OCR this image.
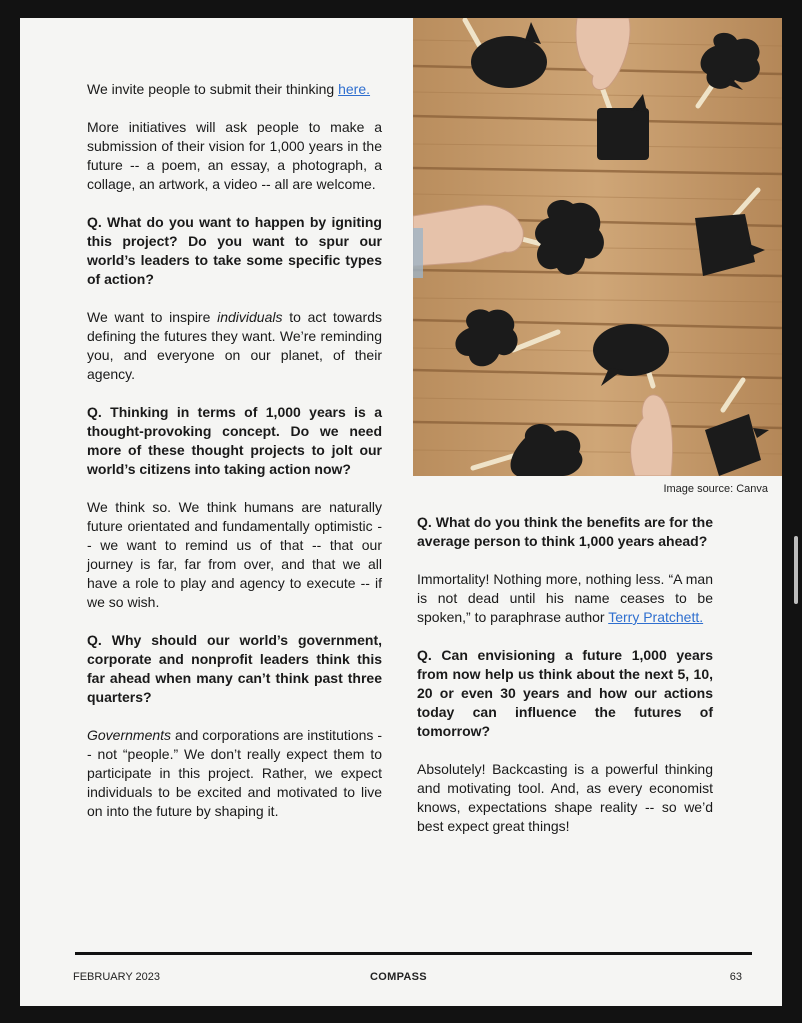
We invite people to submit their thinking here.

More initiatives will ask people to make a submission of their vision for 1,000 years in the future -- a poem, an essay, a photograph, a collage, an artwork, a video -- all are welcome.

Q. What do you want to happen by igniting this project? Do you want to spur our world’s leaders to take some specific types of action?

We want to inspire individuals to act towards defining the futures they want. We’re reminding you, and everyone on our planet, of their agency.

Q. Thinking in terms of 1,000 years is a thought-provoking concept. Do we need more of these thought projects to jolt our world’s citizens into taking action now?

We think so. We think humans are naturally future orientated and fundamentally optimistic -- we want to remind us of that -- that our journey is far, far from over, and that we all have a role to play and agency to execute -- if we so wish.

Q. Why should our world’s government, corporate and nonprofit leaders think this far ahead when many can’t think past three quarters?

Governments and corporations are institutions -- not “people.” We don’t really expect them to participate in this project. Rather, we expect individuals to be excited and motivated to live on into the future by shaping it.

Image source: Canva

Q. What do you think the benefits are for the average person to think 1,000 years ahead?

Immortality! Nothing more, nothing less. “A man is not dead until his name ceases to be spoken,” to paraphrase author Terry Pratchett.

Q. Can envisioning a future 1,000 years from now help us think about the next 5, 10, 20 or even 30 years and how our actions today can influence the futures of tomorrow?

Absolutely! Backcasting is a powerful thinking and motivating tool. And, as every economist knows, expectations shape reality -- so we’d best expect great things!

FEBRUARY 2023	COMPASS	63
